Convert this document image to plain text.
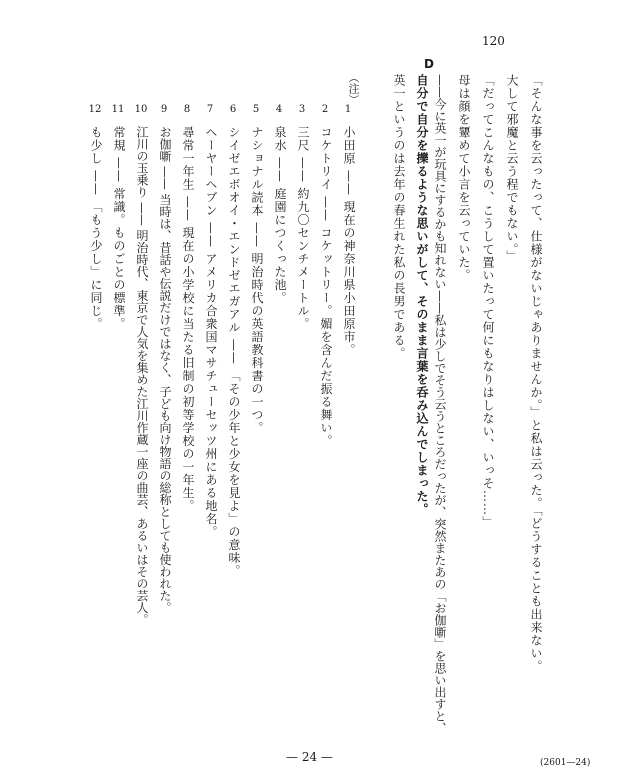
120
「そんな事を云ったって、仕様がないじゃありませんか。」と私は云った。「どうすることも出来ない。
大して邪魔と云う程でもない。」
「だってこんなもの、こうして置いたって何にもなりはしない、いっそ……」
母は顔を顰めて小言を云っていた。
——今に英一が玩具にするかも知れない——私は少しでそう云うところだったが、突然またあの「お伽噺」を思い出すと、
D
自分で自分を擽るような思いがして、そのまま言葉を呑み込んでしまった。
英一というのは去年の春生れた私の長男である。
（注）
1
小田原 —— 現在の神奈川県小田原市。
2
コケトリイ —— コケットリー。媚を含んだ振る舞い。
3
三尺 —— 約九〇センチメートル。
4
泉水 —— 庭園につくった池。
5
ナショナル読本 —— 明治時代の英語教科書の一つ。
6
シイゼエボオイ・エンドゼエガアル —— 「その少年と少女を見よ」の意味。
7
ヘーヤーヘブン —— アメリカ合衆国マサチューセッツ州にある地名。
8
尋常一年生 —— 現在の小学校に当たる旧制の初等学校の一年生。
9
お伽噺 —— 当時は、昔話や伝説だけではなく、子ども向け物語の総称としても使われた。
10
江川の玉乗り —— 明治時代、東京で人気を集めた江川作蔵一座の曲芸、あるいはその芸人。
11
常規 —— 常識。ものごとの標準。
12
も少し —— 「もう少し」に同じ。
— 24 —	(2601—24)
